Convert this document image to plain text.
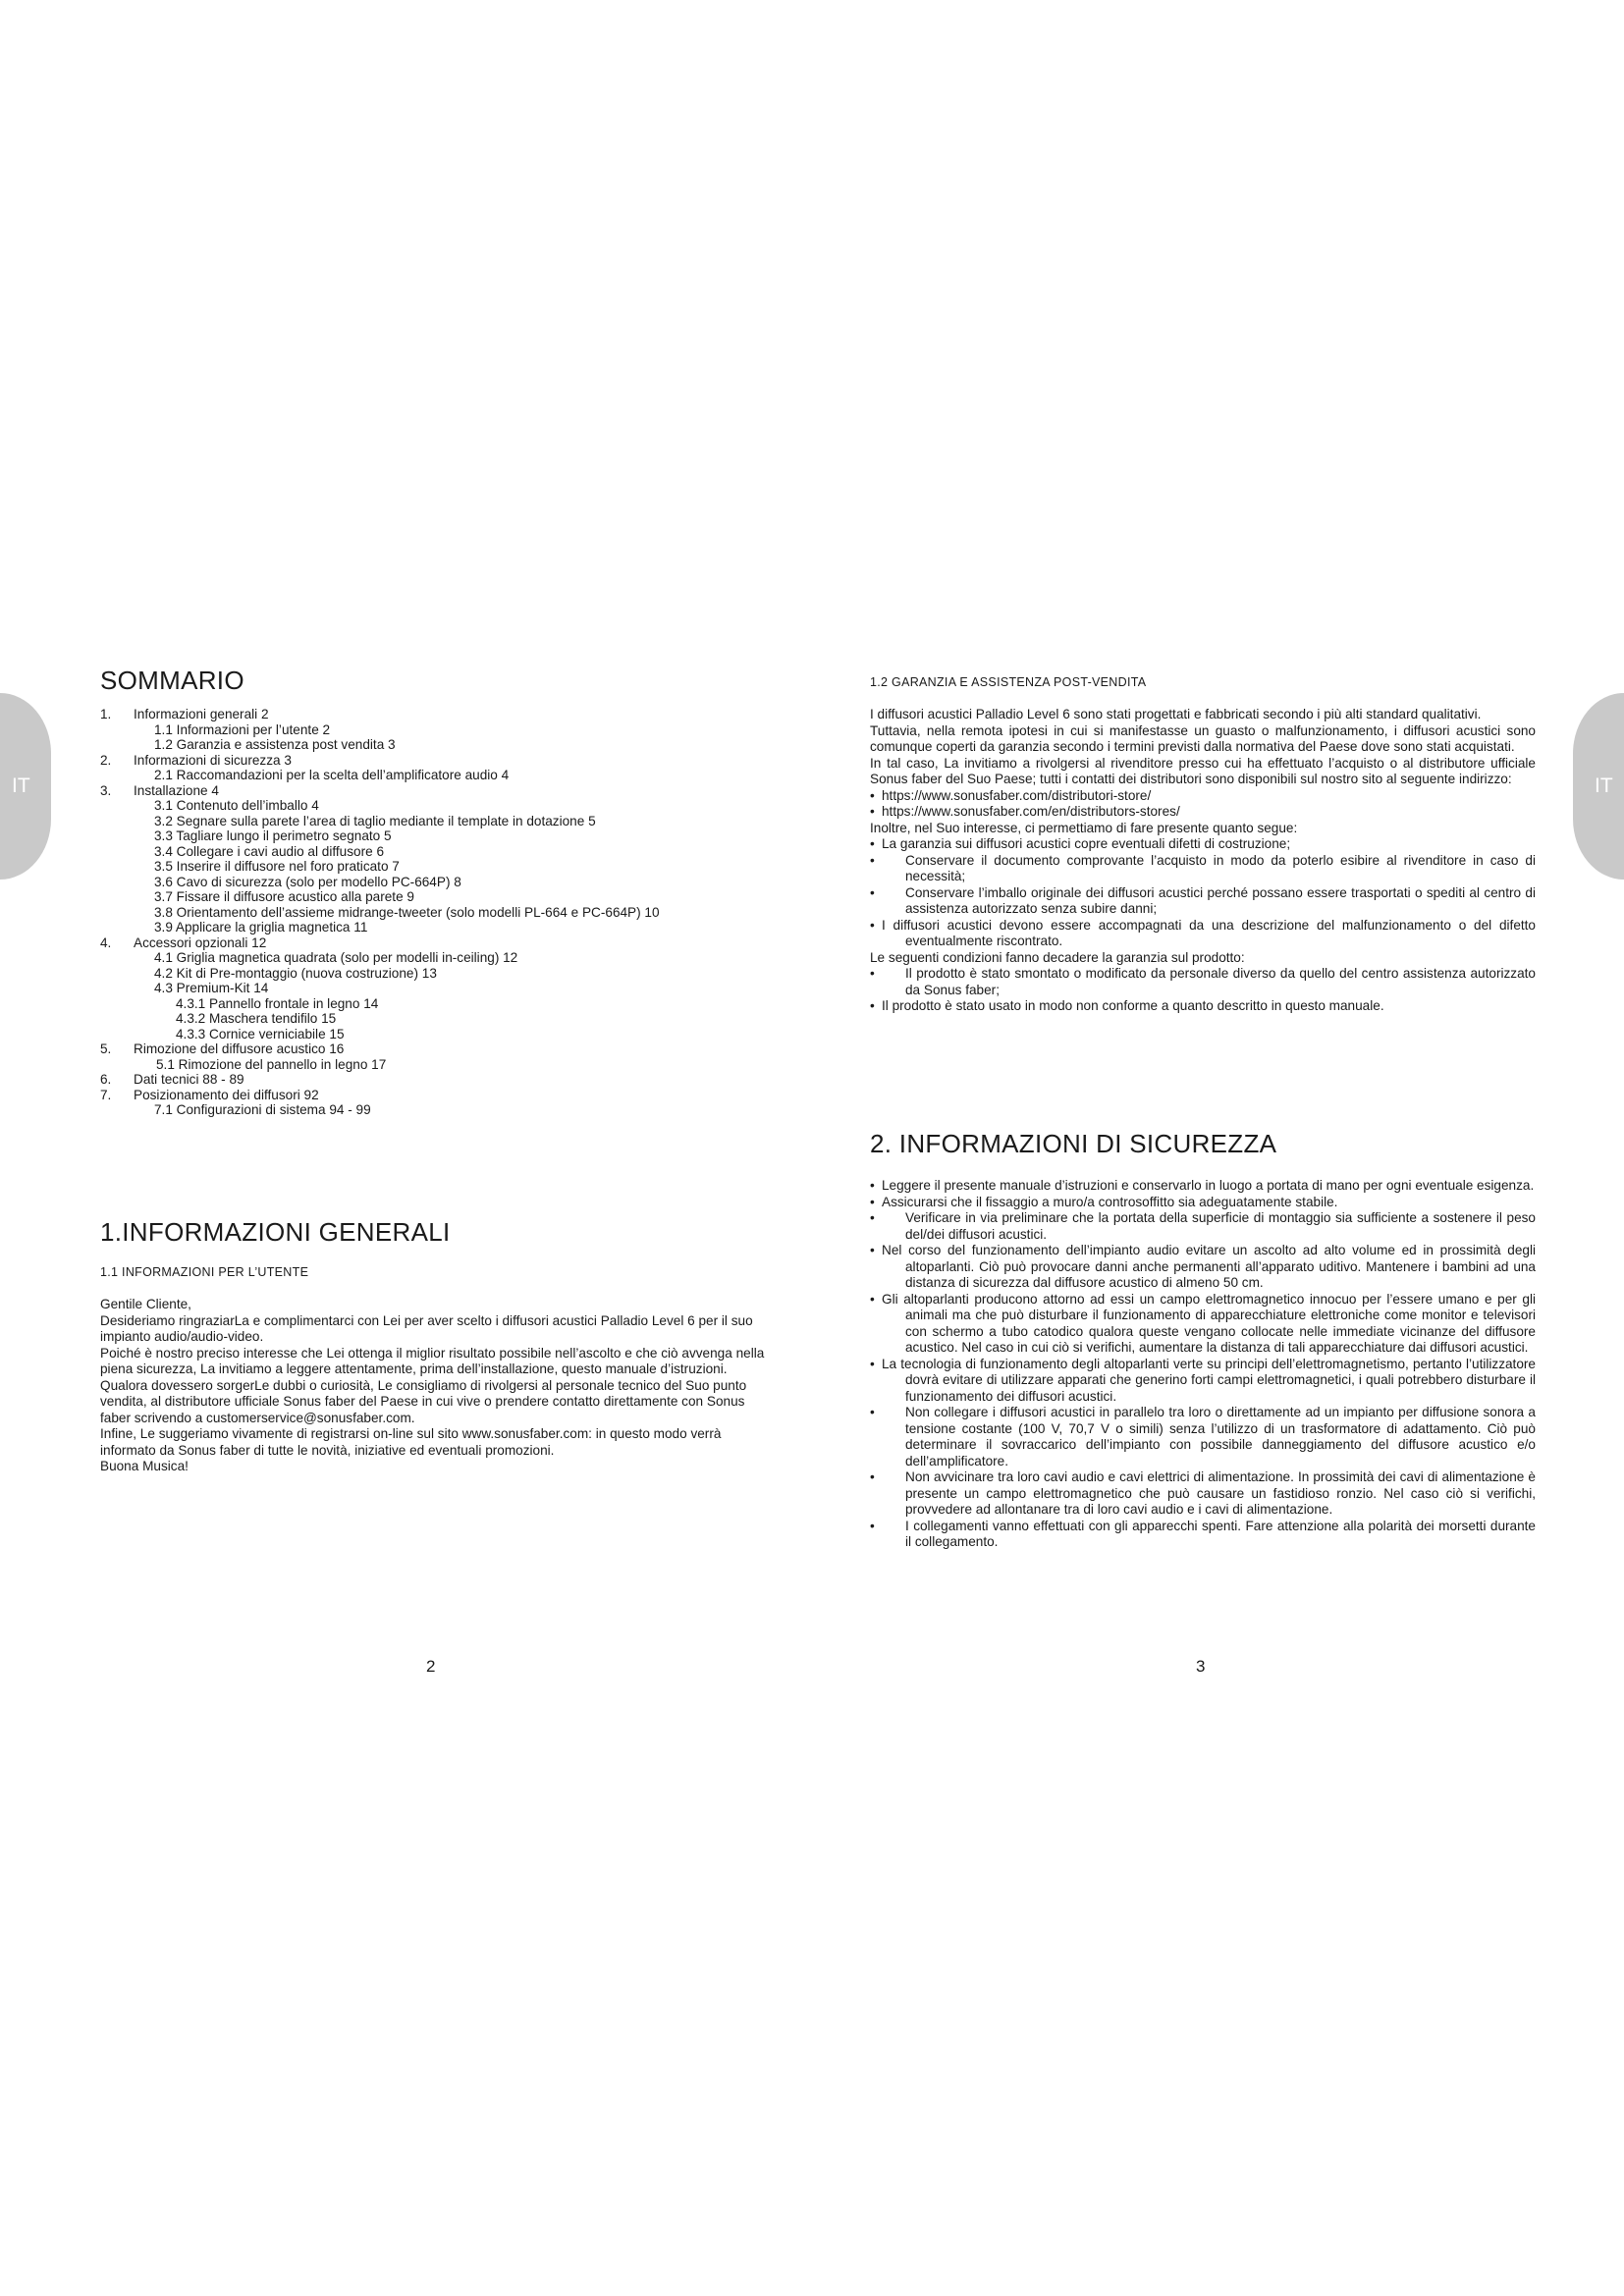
IT	IT
SOMMARIO
1. Informazioni generali 2
1.1 Informazioni per l’utente 2
1.2 Garanzia e assistenza post vendita 3
2. Informazioni di sicurezza 3
2.1 Raccomandazioni per la scelta dell’amplificatore audio 4
3. Installazione 4
3.1 Contenuto dell’imballo 4
3.2 Segnare sulla parete l’area di taglio mediante il template in dotazione 5
3.3 Tagliare lungo il perimetro segnato 5
3.4 Collegare i cavi audio al diffusore 6
3.5 Inserire il diffusore nel foro praticato 7
3.6 Cavo di sicurezza (solo per modello PC-664P) 8
3.7 Fissare il diffusore acustico alla parete 9
3.8 Orientamento dell’assieme midrange-tweeter (solo modelli PL-664 e PC-664P) 10
3.9 Applicare la griglia magnetica 11
4. Accessori opzionali 12
4.1 Griglia magnetica quadrata (solo per modelli in-ceiling) 12
4.2 Kit di Pre-montaggio (nuova costruzione) 13
4.3 Premium-Kit 14
4.3.1 Pannello frontale in legno 14
4.3.2 Maschera tendifilo 15
4.3.3 Cornice verniciabile 15
5. Rimozione del diffusore acustico 16
5.1 Rimozione del pannello in legno 17
6. Dati tecnici 88 - 89
7. Posizionamento dei diffusori 92
7.1 Configurazioni di sistema 94 - 99
1.INFORMAZIONI GENERALI
1.1 INFORMAZIONI PER L’UTENTE

Gentile Cliente,

Desideriamo ringraziarLa e complimentarci con Lei per aver scelto i diffusori acustici Palladio Level 6 per il suo impianto audio/audio-video.

Poiché è nostro preciso interesse che Lei ottenga il miglior risultato possibile nell’ascolto e che ciò avvenga nella piena sicurezza, La invitiamo a leggere attentamente, prima dell’installazione, questo manuale d’istruzioni.

Qualora dovessero sorgerLe dubbi o curiosità, Le consigliamo di rivolgersi al personale tecnico del Suo punto vendita, al distributore ufficiale Sonus faber del Paese in cui vive o prendere contatto direttamente con Sonus faber scrivendo a customerservice@sonusfaber.com.

Infine, Le suggeriamo vivamente di registrarsi on-line sul sito www.sonusfaber.com: in questo modo verrà informato da Sonus faber di tutte le novità, iniziative ed eventuali promozioni.

Buona Musica!

2
1.2 GARANZIA E ASSISTENZA POST-VENDITA

I diffusori acustici Palladio Level 6 sono stati progettati e fabbricati secondo i più alti standard qualitativi.

Tuttavia, nella remota ipotesi in cui si manifestasse un guasto o malfunzionamento, i diffusori acustici sono comunque coperti da garanzia secondo i termini previsti dalla normativa del Paese dove sono stati acquistati.

In tal caso, La invitiamo a rivolgersi al rivenditore presso cui ha effettuato l’acquisto o al distributore ufficiale Sonus faber del Suo Paese; tutti i contatti dei distributori sono disponibili sul nostro sito al seguente indirizzo:

• https://www.sonusfaber.com/distributori-store/
• https://www.sonusfaber.com/en/distributors-stores/

Inoltre, nel Suo interesse, ci permettiamo di fare presente quanto segue:

• La garanzia sui diffusori acustici copre eventuali difetti di costruzione;
• Conservare il documento comprovante l’acquisto in modo da poterlo esibire al rivenditore in caso di necessità;
• Conservare l’imballo originale dei diffusori acustici perché possano essere trasportati o spediti al centro di assistenza autorizzato senza subire danni;
• I diffusori acustici devono essere accompagnati da una descrizione del malfunzionamento o del difetto eventualmente riscontrato.

Le seguenti condizioni fanno decadere la garanzia sul prodotto:

• Il prodotto è stato smontato o modificato da personale diverso da quello del centro assistenza autorizzato da Sonus faber;
• Il prodotto è stato usato in modo non conforme a quanto descritto in questo manuale.
2. INFORMAZIONI DI SICUREZZA
• Leggere il presente manuale d’istruzioni e conservarlo in luogo a portata di mano per ogni eventuale esigenza.
• Assicurarsi che il fissaggio a muro/a controsoffitto sia adeguatamente stabile.
• Verificare in via preliminare che la portata della superficie di montaggio sia sufficiente a sostenere il peso del/dei diffusori acustici.
• Nel corso del funzionamento dell’impianto audio evitare un ascolto ad alto volume ed in prossimità degli altoparlanti. Ciò può provocare danni anche permanenti all’apparato uditivo. Mantenere i bambini ad una distanza di sicurezza dal diffusore acustico di almeno 50 cm.
• Gli altoparlanti producono attorno ad essi un campo elettromagnetico innocuo per l’essere umano e per gli animali ma che può disturbare il funzionamento di apparecchiature elettroniche come monitor e televisori con schermo a tubo catodico qualora queste vengano collocate nelle immediate vicinanze del diffusore acustico. Nel caso in cui ciò si verifichi, aumentare la distanza di tali apparecchiature dai diffusori acustici.
• La tecnologia di funzionamento degli altoparlanti verte su principi dell’elettromagnetismo, pertanto l’utilizzatore dovrà evitare di utilizzare apparati che generino forti campi elettromagnetici, i quali potrebbero disturbare il funzionamento dei diffusori acustici.
• Non collegare i diffusori acustici in parallelo tra loro o direttamente ad un impianto per diffusione sonora a tensione costante (100 V, 70,7 V o simili) senza l’utilizzo di un trasformatore di adattamento. Ciò può determinare il sovraccarico dell’impianto con possibile danneggiamento del diffusore acustico e/o dell’amplificatore.
• Non avvicinare tra loro cavi audio e cavi elettrici di alimentazione. In prossimità dei cavi di alimentazione è presente un campo elettromagnetico che può causare un fastidioso ronzio. Nel caso ciò si verifichi, provvedere ad allontanare tra di loro cavi audio e i cavi di alimentazione.
• I collegamenti vanno effettuati con gli apparecchi spenti. Fare attenzione alla polarità dei morsetti durante il collegamento.
3
